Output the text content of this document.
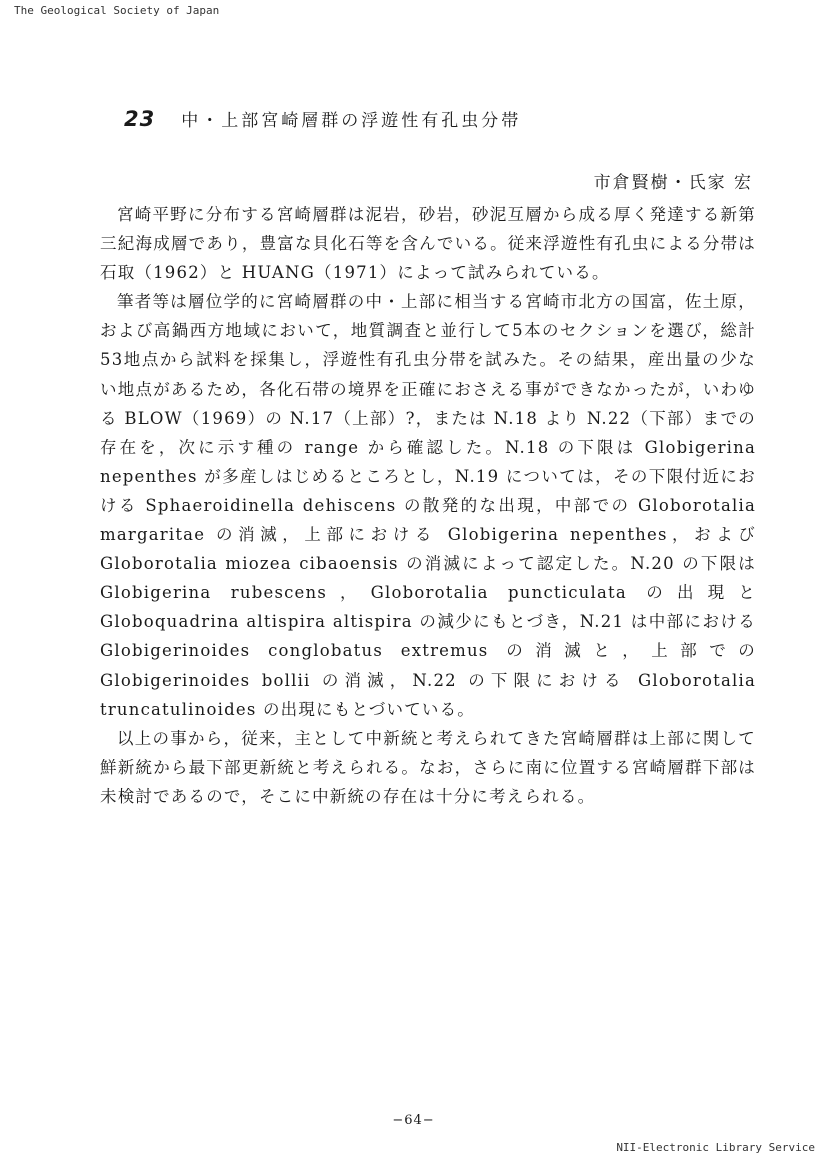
The Geological Society of Japan
23 中・上部宮崎層群の浮遊性有孔虫分帯
市倉賢樹・氏家 宏

宮崎平野に分布する宮崎層群は泥岩，砂岩，砂泥互層から成る厚く発達する新第三紀海成層であり，豊富な貝化石等を含んでいる。従来浮遊性有孔虫による分帯は石取（1962）と HUANG（1971）によって試みられている。

筆者等は層位学的に宮崎層群の中・上部に相当する宮崎市北方の国富，佐土原，および高鍋西方地域において，地質調査と並行して5本のセクションを選び，総計53地点から試料を採集し，浮遊性有孔虫分帯を試みた。その結果，産出量の少ない地点があるため，各化石帯の境界を正確におさえる事ができなかったが，いわゆる BLOW（1969）の N.17（上部）?，または N.18 より N.22（下部）までの存在を，次に示す種の range から確認した。N.18 の下限は Globigerina nepenthes が多産しはじめるところとし，N.19 については，その下限付近における Sphaeroidinella dehiscens の散発的な出現，中部での Globorotalia margaritae の消滅，上部における Globigerina nepenthes，および Globorotalia miozea cibaoensis の消滅によって認定した。N.20 の下限は Globigerina rubescens，Globorotalia puncticulata の出現と Globoquadrina altispira altispira の減少にもとづき，N.21 は中部における Globigerinoides conglobatus extremus の消滅と，上部での Globigerinoides bollii の消滅，N.22 の下限における Globorotalia truncatulinoides の出現にもとづいている。

以上の事から，従来，主として中新統と考えられてきた宮崎層群は上部に関して鮮新統から最下部更新統と考えられる。なお，さらに南に位置する宮崎層群下部は未検討であるので，そこに中新統の存在は十分に考えられる。

−64−
NII-Electronic Library Service
